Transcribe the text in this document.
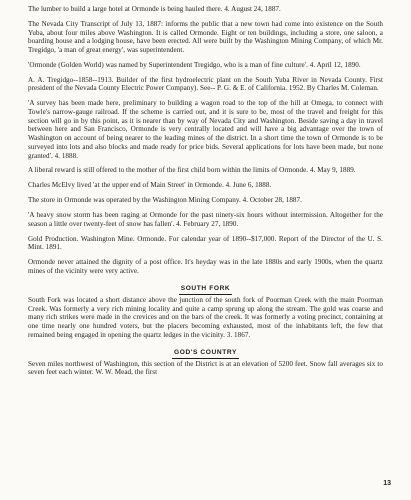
The lumber to build a large hotel at Ormonde is being hauled there. 4. August 24, 1887.

The Nevada City Transcript of July 13, 1887: informs the public that a new town had come into existence on the South Yuba, about four miles above Washington. It is called Ormonde. Eight or ten buildings, including a store, one saloon, a boarding house and a lodging house, have been erected. All were built by the Washington Mining Company, of which Mr. Tregidgo, 'a man of great energy', was superintendent.

'Ormonde (Golden World) was named by Superintendent Tregidgo, who is a man of fine culture'. 4. April 12, 1890.

A. A. Tregidgo--1858--1913. Builder of the first hydroelectric plant on the South Yuba River in Nevada County. First president of the Nevada County Electric Power Company). See-- P. G. & E. of California. 1952. By Charles M. Coleman.

'A survey has been made here, preliminary to building a wagon road to the top of the hill at Omega, to connect with Towle's narrow-gauge railroad. If the scheme is carried out, and it is sure to be, most of the travel and freight for this section will go in by this point, as it is nearer than by way of Nevada City and Washington. Beside saving a day in travel between here and San Francisco, Ormonde is very centrally located and will have a big advantage over the town of Washington on account of being nearer to the leading mines of the district. In a short time the town of Ormonde is to be surveyed into lots and also blocks and made ready for price bids. Several applications for lots have been made, but none granted'. 4. 1888.

A liberal reward is still offered to the mother of the first child born within the limits of Ormonde. 4. May 9, 1889.

Charles McElvy lived 'at the upper end of Main Street' in Ormonde. 4. June 6, 1888.

The store in Ormonde was operated by the Washington Mining Company. 4. October 28, 1887.

'A heavy snow storm has been raging at Ormonde for the past ninety-six hours without intermission. Altogether for the season a little over twenty-feet of snow has fallen'. 4. February 27, 1890.

Gold Production. Washington Mine. Ormonde. For calendar year of 1890--$17,000. Report of the Director of the U. S. Mint. 1891.

Ormonde never attained the dignity of a post office. It's heyday was in the late 1880s and early 1900s, when the quartz mines of the vicinity were very active.

SOUTH FORK

South Fork was located a short distance above the junction of the south fork of Poorman Creek with the main Poorman Creek. Was formerly a very rich mining locality and quite a camp sprung up along the stream. The gold was coarse and many rich strikes were made in the crevices and on the bars of the creek. It was formerly a voting precinct, containing at one time nearly one hundred voters, but the placers becoming exhausted, most of the inhabitants left, the few that remained being engaged in opening the quartz ledges in the vicinity. 3. 1867.

GOD'S COUNTRY

Seven miles northwest of Washington, this section of the District is at an elevation of 5200 feet. Snow fall averages six to seven feet each winter. W. W. Mead, the first

13
